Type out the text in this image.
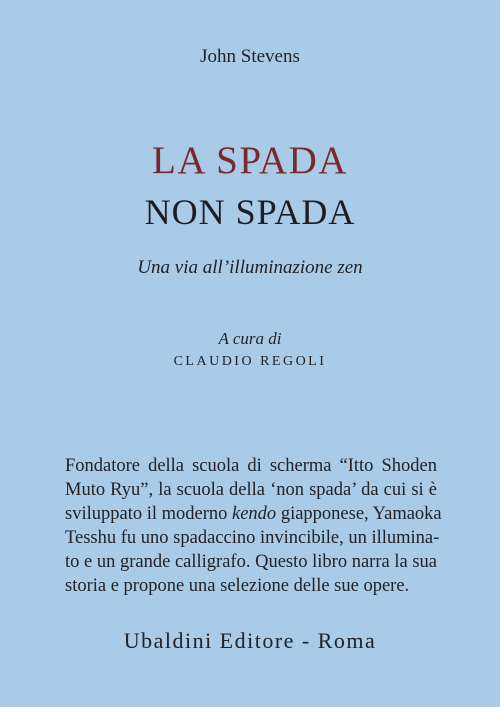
John Stevens
LA SPADA
NON SPADA
Una via all’illuminazione zen
A cura di
CLAUDIO REGOLI
Fondatore della scuola di scherma “Itto Shoden
Muto Ryu”, la scuola della ‘non spada’ da cui si è
sviluppato il moderno kendo giapponese, Yamaoka
Tesshu fu uno spadaccino invincibile, un illumina-
to e un grande calligrafo. Questo libro narra la sua
storia e propone una selezione delle sue opere.
Ubaldini Editore - Roma
